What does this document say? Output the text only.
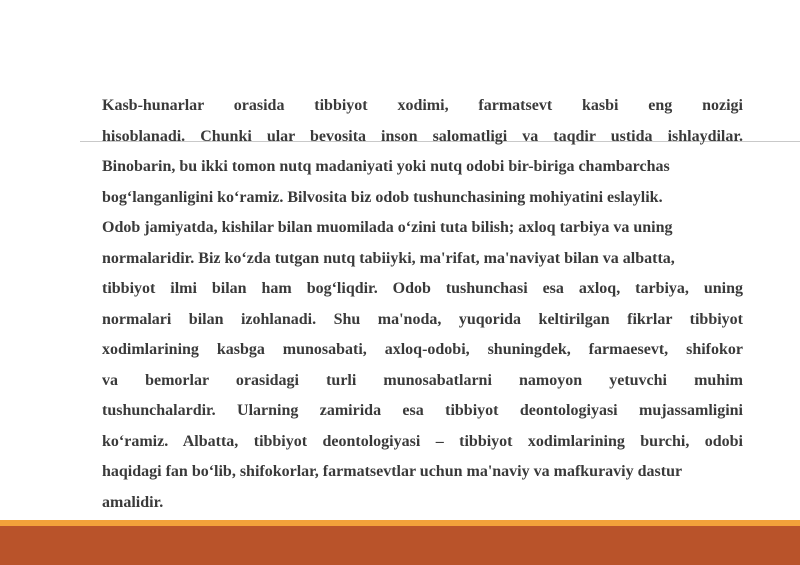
Kasb-hunarlar orasida tibbiyot xodimi, farmatsevt kasbi eng nozigi
hisoblanadi. Chunki ular bevosita inson salomatligi va taqdir ustida ishlaydilar.
Binobarin, bu ikki tomon nutq madaniyati yoki nutq odobi bir-biriga chambarchas
bog‘langanligini ko‘ramiz. Bilvosita biz odob tushunchasining mohiyatini eslaylik.
Odob jamiyatda, kishilar bilan muomilada o‘zini tuta bilish; axloq tarbiya va uning
normalaridir. Biz ko‘zda tutgan nutq tabiiyki, ma'rifat, ma'naviyat bilan va albatta,
tibbiyot ilmi bilan ham bog‘liqdir. Odob tushunchasi esa axloq, tarbiya, uning
normalari bilan izohlanadi. Shu ma'noda, yuqorida keltirilgan fikrlar tibbiyot
xodimlarining kasbga munosabati, axloq-odobi, shuningdek, farmaesevt, shifokor
va bemorlar orasidagi turli munosabatlarni namoyon yetuvchi muhim
tushunchalardir. Ularning zamirida esa tibbiyot deontologiyasi mujassamligini
ko‘ramiz. Albatta, tibbiyot deontologiyasi – tibbiyot xodimlarining burchi, odobi
haqidagi fan bo‘lib, shifokorlar, farmatsevtlar uchun ma'naviy va mafkuraviy dastur
amalidir.
